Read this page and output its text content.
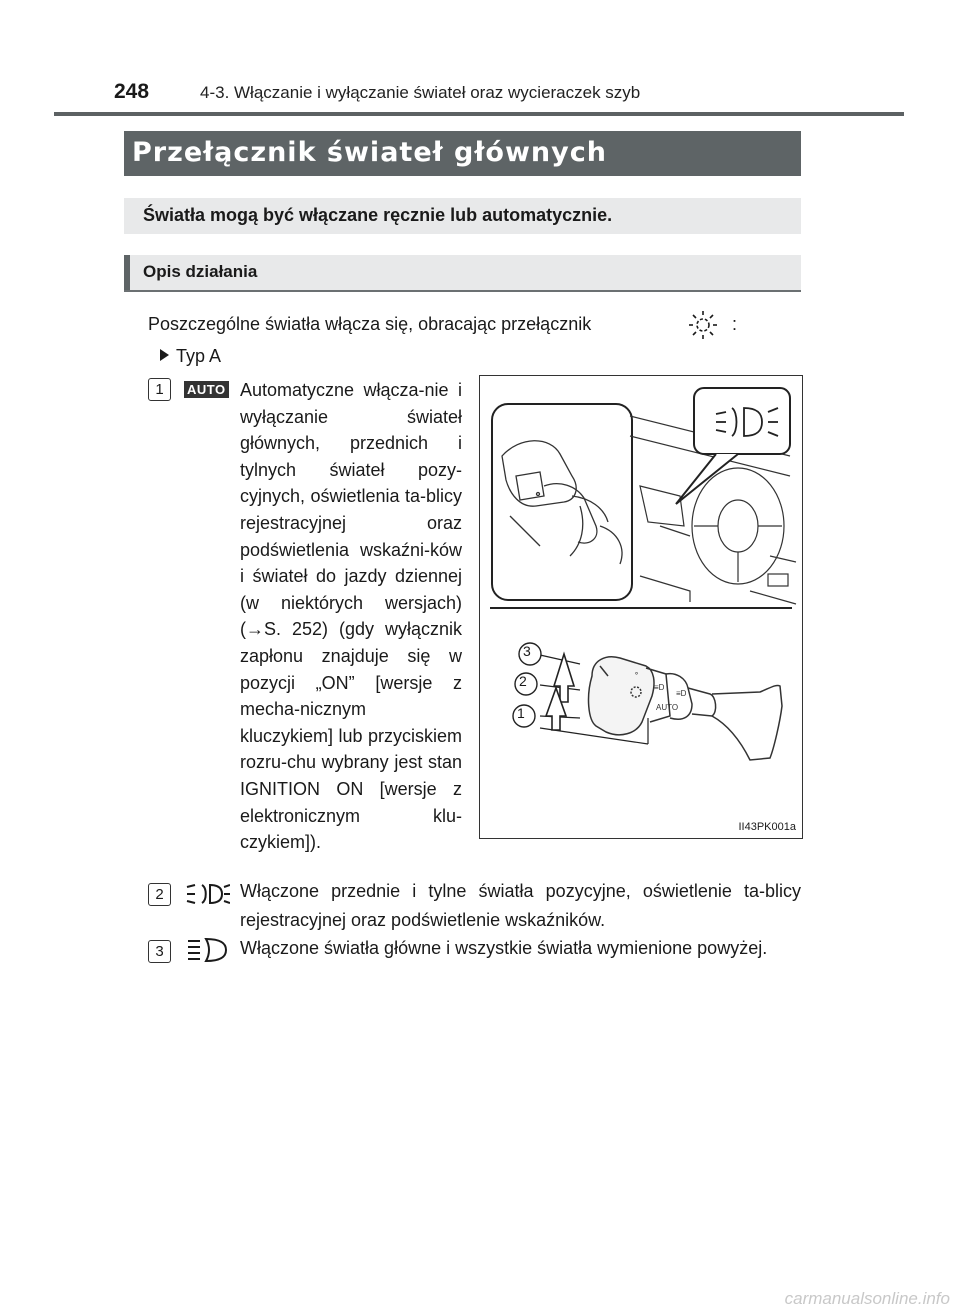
248	4-3. Włączanie i wyłączanie świateł oraz wycieraczek szyb
Przełącznik świateł głównych
Światła mogą być włączane ręcznie lub automatycznie.
Opis działania
Poszczególne światła włącza się, obracając przełącznik	:
Typ A
1	AUTO Automatyczne włącza-nie i wyłączanie świateł głównych, przednich i tylnych świateł pozy-cyjnych, oświetlenia ta-blicy rejestracyjnej oraz podświetlenia wskaźni-ków i świateł do jazdy dziennej (w niektórych wersjach) (→S. 252) (gdy wyłącznik zapłonu znajduje się w pozycji „ON” [wersje z mecha-nicznym kluczykiem] lub przyciskiem rozru-chu wybrany jest stan IGNITION ON [wersje z elektronicznym klu-czykiem]).
≡D
≡D
AUTO
∘
3
2
1
II43PK001a
2	Włączone przednie i tylne światła pozycyjne, oświetlenie ta-blicy rejestracyjnej oraz podświetlenie wskaźników.
3	Włączone światła główne i wszystkie światła wymienione powyżej.
carmanualsonline.info
